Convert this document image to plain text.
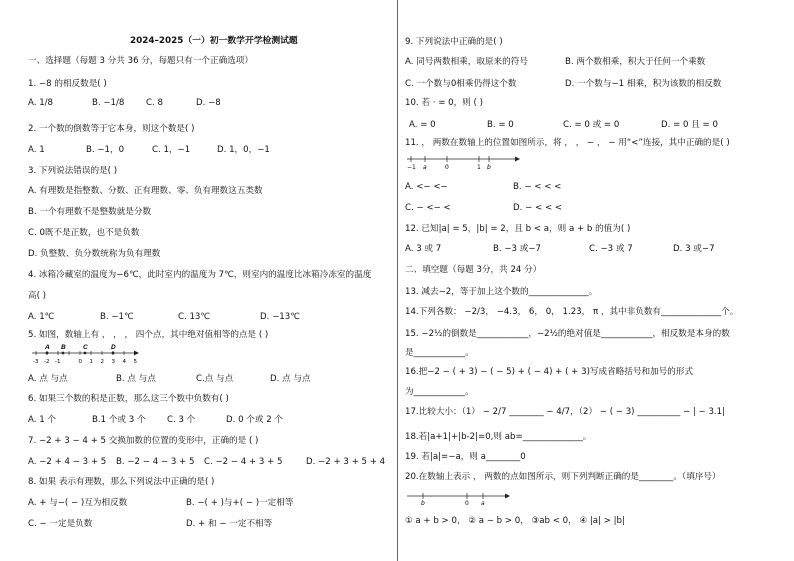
2024–2025（一）初一数学开学检测试题
一、选择题（每题 3 分共 36 分，每题只有一个正确选项）
1. −8 的相反数是( )
A. 1/8	B. −1/8	C. 8	D. −8
2. 一个数的倒数等于它本身，则这个数是( )
A. 1	B. −1，0	C. 1，−1	D. 1，0，−1
3. 下列说法错误的是( )
A. 有理数是指整数、分数、正有理数、零、负有理数这五类数
B. 一个有理数不是整数就是分数
C. 0既不是正数，也不是负数
D. 负整数、负分数统称为负有理数
4. 冰箱冷藏室的温度为−6℃，此时室内的温度为 7℃，则室内的温度比冰箱冷冻室的温度
高( )
A. 1℃	B. −1℃	C. 13℃	D. −13℃
5. 如图，数轴上有 ， ， ， 四个点，其中绝对值相等的点是 ( )
A B	C	D
-3 -2 -1	0 1 2 3 4 5
A. 点 与点	B. 点 与点	C.点 与点	D. 点 与点
6. 如果三个数的积是正数，那么这三个数中负数有( )
A. 1 个	B.1 个或 3 个 C. 3 个	D. 0 个或 2 个
7. −2 + 3 − 4 + 5 交换加数的位置的变形中，正确的是 ( )
A. −2 + 4 − 3 + 5 B. −2 − 4 − 3 + 5 C. −2 − 4 + 3 + 5	D. −2 + 3 + 5 + 4
8. 如果 表示有理数，那么下列说法中正确的是( )
A. + 与−( − )互为相反数	B. −( + )与+( − )一定相等
C. − 一定是负数	D. + 和 − 一定不相等
9. 下列说法中正确的是( )
A. 同号两数相乘，取原来的符号	B. 两个数相乘，积大于任何一个乘数
C. 一个数与0相乘仍得这个数	D. 一个数与−1 相乘，积为该数的相反数
10. 若 · = 0，则 ( )
A. = 0	B. = 0	C. = 0 或 = 0	D. = 0 且 = 0
11. ， 两数在数轴上的位置如图所示，将 ， ， − ， − 用“<”连接，其中正确的是( )
−1 a	0	1 b
A. <− <−	B. − < < <
C. − <− <	D. − < < <
12. 已知|a| = 5，|b| = 2，且 b < a，则 a + b 的值为( )
A. 3 或 7	B. −3 或−7	C. −3 或 7	D. 3 或−7
二、填空题（每题 3分，共 24 分）
13. 减去−2，等于加上这个数的______________。
14.下列各数： −2/3， −4.3， 6， 0， 1.23̇， π ，其中非负数有______________个。
15. −2½的倒数是____________，−2½的绝对值是____________，相反数是本身的数
是____________。
16.把−2 − ( + 3) − ( − 5) + ( − 4) + ( + 3)写成省略括号和加号的形式
为____________。
17.比较大小：（1） − 2/7 ________ − 4/7，（2） − ( − 3) __________ − | − 3.1|
18.若|a+1|+|b-2|=0,则 ab=______________。
19. 若|a|=−a，则 a________0
20.在数轴上表示 ， 两数的点如图所示，则下列判断正确的是________。（填序号）
b	0 a
① a + b > 0， ② a − b > 0， ③ab < 0， ④ |a| > |b|
